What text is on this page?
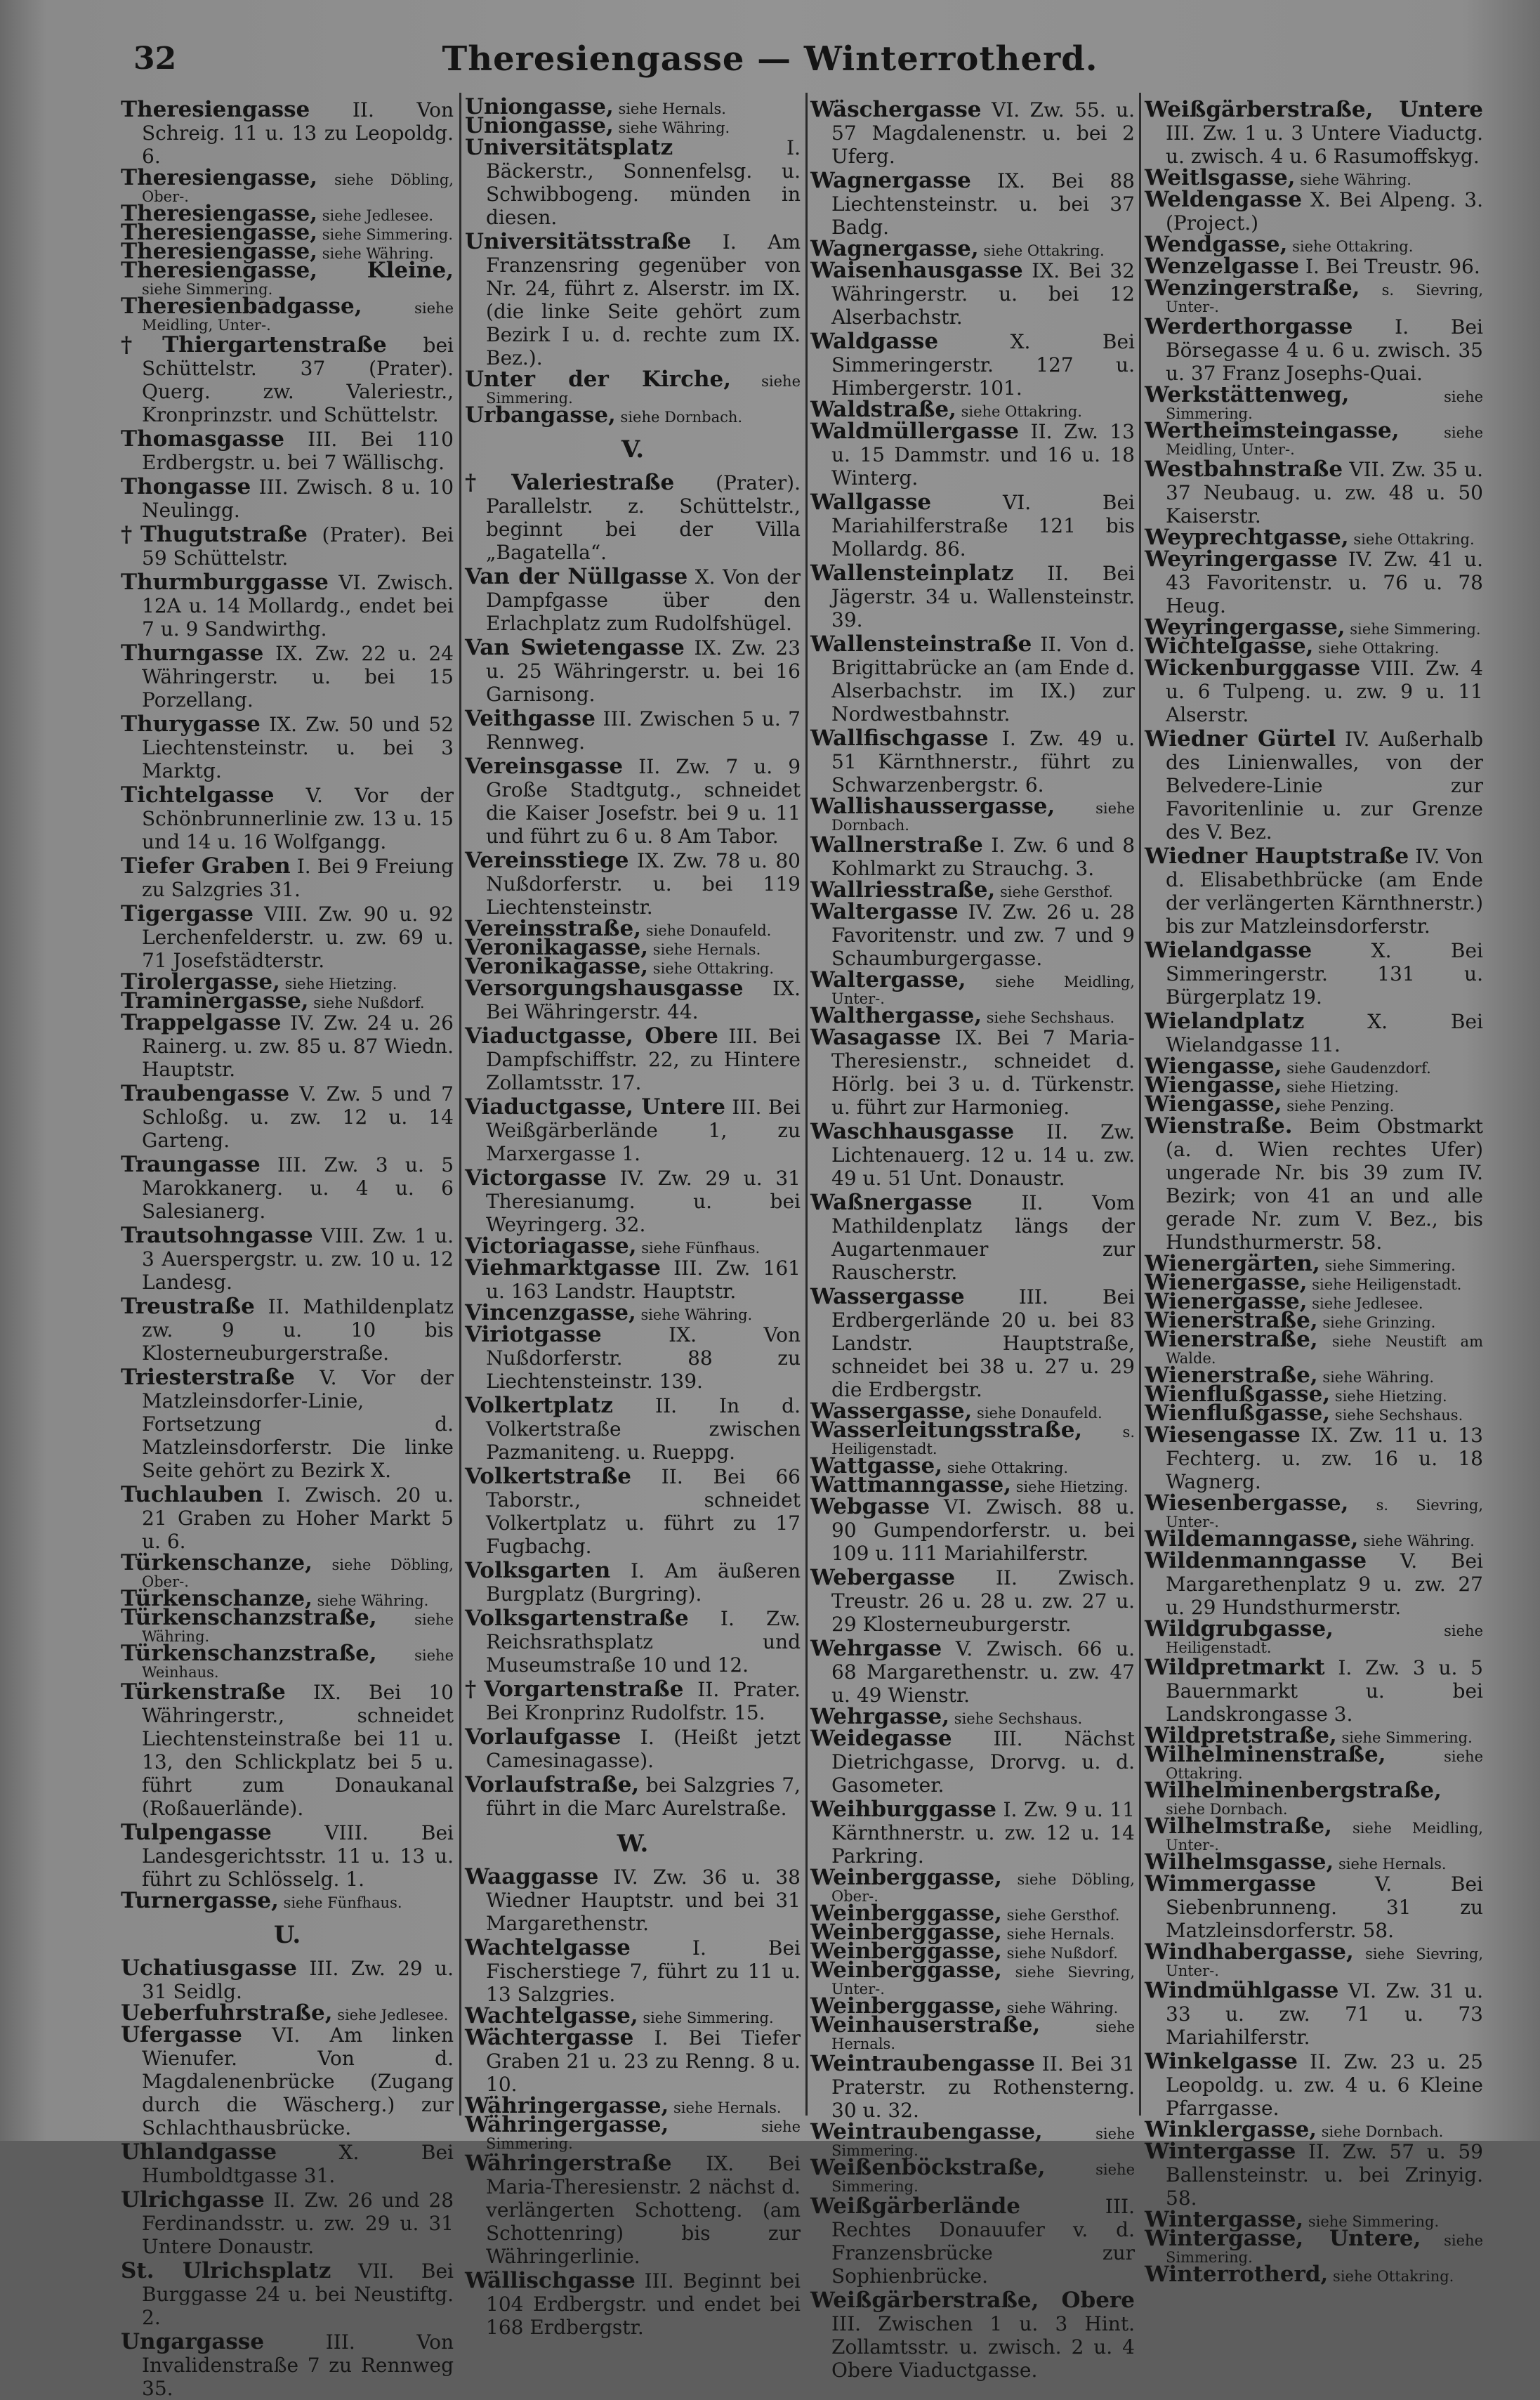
32	Theresiengasse — Winterrotherd.
Theresiengasse II. Von Schreig. 11 u. 13 zu Leopoldg. 6.
Theresiengasse, siehe Döbling, Ober-.
Theresiengasse, siehe Jedlesee.
Theresiengasse, siehe Simmering.
Theresiengasse, siehe Währing.
Theresiengasse, Kleine, siehe Simmering.
Theresienbadgasse,	siehe Meidling, Unter-.
†Thiergartenstraße bei Schüttelstr. 37 (Prater). Querg. zw. Valeriestr., Kronprinzstr. und Schüttelstr.
Thomasgasse III. Bei 110 Erdbergstr. u. bei 7 Wällischg.
Thongasse III. Zwisch. 8 u. 10 Neulingg.
†Thugutstraße (Prater). Bei 59 Schüttelstr.
Thurmburggasse VI. Zwisch. 12A u. 14 Mollardg., endet bei 7 u. 9 Sandwirthg.
Thurngasse IX. Zw. 22 u. 24 Währingerstr. u. bei 15 Porzellang.
Thurygasse IX. Zw. 50 und 52 Liechtensteinstr. u. bei 3 Marktg.
Tichtelgasse V. Vor der Schönbrunnerlinie zw. 13 u. 15 und 14 u. 16 Wolfgangg.
Tiefer Graben I. Bei 9 Freiung zu Salzgries 31.
Tigergasse VIII. Zw. 90 u. 92 Lerchenfelderstr. u. zw. 69 u. 71 Josefstädterstr.
Tirolergasse, siehe Hietzing.
Traminergasse, siehe Nußdorf.
Trappelgasse IV. Zw. 24 u. 26 Rainerg. u. zw. 85 u. 87 Wiedn. Hauptstr.
Traubengasse V. Zw. 5 und 7 Schloßg. u. zw. 12 u. 14 Garteng.
Traungasse III. Zw. 3 u. 5 Marokkanerg. u. 4 u. 6 Salesianerg.
Trautsohngasse VIII. Zw. 1 u. 3 Auerspergstr. u. zw. 10 u. 12 Landesg.
Treustraße II. Mathildenplatz zw. 9 u. 10 bis Klosterneuburgerstraße.
Triesterstraße V. Vor der Matzleinsdorfer-Linie, Fortsetzung d. Matzleinsdorferstr. Die linke Seite gehört zu Bezirk X.
Tuchlauben I. Zwisch. 20 u. 21 Graben zu Hoher Markt 5 u. 6.
Türkenschanze, siehe Döbling, Ober-.
Türkenschanze, siehe Währing.
Türkenschanzstraße,	siehe Währing.
Türkenschanzstraße,	siehe Weinhaus.
Türkenstraße IX. Bei 10 Währingerstr., schneidet Liechtensteinstraße bei 11 u. 13, den Schlickplatz bei 5 u. führt zum Donaukanal (Roßauerlände).
Tulpengasse	VIII. Bei Landesgerichtsstr. 11 u. 13 u. führt zu Schlösselg. 1.
Turnergasse, siehe Fünfhaus.
U.
Uchatiusgasse III. Zw. 29 u. 31 Seidlg.
Ueberfuhrstraße, siehe Jedlesee.
Ufergasse VI. Am linken Wienufer. Von d. Magdalenenbrücke (Zugang durch die Wäscherg.) zur Schlachthausbrücke.
Uhlandgasse	X. Bei Humboldtgasse 31.
Ulrichgasse II. Zw. 26 und 28 Ferdinandsstr. u. zw. 29 u. 31 Untere Donaustr.
St. Ulrichsplatz VII. Bei Burggasse 24 u. bei Neustiftg. 2.
Ungargasse	III. Von Invalidenstraße 7 zu Rennweg 35.
Uniongasse, siehe Hernals.
Uniongasse, siehe Währing.
Universitätsplatz	I. Bäckerstr., Sonnenfelsg. u. Schwibbogeng. münden in diesen.
Universitätsstraße I. Am Franzensring gegenüber von Nr. 24, führt z. Alserstr. im IX. (die linke Seite gehört zum Bezirk I u. d. rechte zum IX. Bez.).
Unter der Kirche, siehe Simmering.
Urbangasse, siehe Dornbach.
V.
†Valeriestraße (Prater). Parallelstr. z. Schüttelstr., beginnt bei der Villa „Bagatella“.
Van der Nüllgasse X. Von der Dampfgasse über den Erlachplatz zum Rudolfshügel.
Van Swietengasse IX. Zw. 23 u. 25 Währingerstr. u. bei 16 Garnisong.
Veithgasse III. Zwischen 5 u. 7 Rennweg.
Vereinsgasse II. Zw. 7 u. 9 Große Stadtgutg., schneidet die Kaiser Josefstr. bei 9 u. 11 und führt zu 6 u. 8 Am Tabor.
Vereinsstiege IX. Zw. 78 u. 80 Nußdorferstr. u. bei 119 Liechtensteinstr.
Vereinsstraße, siehe Donaufeld.
Veronikagasse, siehe Hernals.
Veronikagasse, siehe Ottakring.
Versorgungshausgasse IX. Bei Währingerstr. 44.
Viaductgasse, Obere III. Bei Dampfschiffstr. 22, zu Hintere Zollamtsstr. 17.
Viaductgasse, Untere III. Bei Weißgärberlände 1, zu Marxergasse 1.
Victorgasse IV. Zw. 29 u. 31 Theresianumg. u. bei Weyringerg. 32.
Victoriagasse, siehe Fünfhaus.
Viehmarktgasse III. Zw. 161 u. 163 Landstr. Hauptstr.
Vincenzgasse, siehe Währing.
Viriotgasse	IX. Von Nußdorferstr. 88 zu Liechtensteinstr. 139.
Volkertplatz II. In d. Volkertstraße zwischen Pazmaniteng. u. Rueppg.
Volkertstraße II. Bei 66 Taborstr., schneidet Volkertplatz u. führt zu 17 Fugbachg.
Volksgarten I. Am äußeren Burgplatz (Burgring).
Volksgartenstraße I. Zw. Reichsrathsplatz und Museumstraße 10 und 12.
†Vorgartenstraße II. Prater. Bei Kronprinz Rudolfstr. 15.
Vorlaufgasse I. (Heißt jetzt Camesinagasse).
Vorlaufstraße, bei Salzgries 7, führt in die Marc Aurelstraße.
W.
Waaggasse IV. Zw. 36 u. 38 Wiedner Hauptstr. und bei 31 Margarethenstr.
Wachtelgasse	I. Bei Fischerstiege 7, führt zu 11 u. 13 Salzgries.
Wachtelgasse, siehe Simmering.
Wächtergasse I. Bei Tiefer Graben 21 u. 23 zu Renng. 8 u. 10.
Währingergasse, siehe Hernals.
Währingergasse,	siehe Simmering.
Währingerstraße IX. Bei Maria-Theresienstr. 2 nächst d. verlängerten Schotteng. (am Schottenring) bis zur Währingerlinie.
Wällischgasse III. Beginnt bei 104 Erdbergstr. und endet bei 168 Erdbergstr.
Wäschergasse VI. Zw. 55. u. 57 Magdalenenstr. u. bei 2 Uferg.
Wagnergasse IX. Bei 88 Liechtensteinstr. u. bei 37 Badg.
Wagnergasse, siehe Ottakring.
Waisenhausgasse IX. Bei 32 Währingerstr. u. bei 12 Alserbachstr.
Waldgasse	X. Bei Simmeringerstr. 127 u. Himbergerstr. 101.
Waldstraße, siehe Ottakring.
Waldmüllergasse II. Zw. 13 u. 15 Dammstr. und 16 u. 18 Winterg.
Wallgasse	VI. Bei Mariahilferstraße 121 bis Mollardg. 86.
Wallensteinplatz II. Bei Jägerstr. 34 u. Wallensteinstr. 39.
Wallensteinstraße II. Von d. Brigittabrücke an (am Ende d. Alserbachstr. im IX.) zur Nordwestbahnstr.
Wallfischgasse I. Zw. 49 u. 51 Kärnthnerstr., führt zu Schwarzenbergstr. 6.
Wallishaussergasse,	siehe Dornbach.
Wallnerstraße I. Zw. 6 und 8 Kohlmarkt zu Strauchg. 3.
Wallriesstraße, siehe Gersthof.
Waltergasse IV. Zw. 26 u. 28 Favoritenstr. und zw. 7 und 9 Schaumburgergasse.
Waltergasse, siehe Meidling, Unter-.
Walthergasse, siehe Sechshaus.
Wasagasse IX. Bei 7 Maria-Theresienstr., schneidet d. Hörlg. bei 3 u. d. Türkenstr. u. führt zur Harmonieg.
Waschhausgasse II. Zw. Lichtenauerg. 12 u. 14 u. zw. 49 u. 51 Unt. Donaustr.
Waßnergasse II. Vom Mathildenplatz längs der Augartenmauer zur Rauscherstr.
Wassergasse	III. Bei Erdbergerlände 20 u. bei 83 Landstr. Hauptstraße, schneidet bei 38 u. 27 u. 29 die Erdbergstr.
Wassergasse, siehe Donaufeld.
Wasserleitungsstraße,	s. Heiligenstadt.
Wattgasse, siehe Ottakring.
Wattmanngasse, siehe Hietzing.
Webgasse VI. Zwisch. 88 u. 90 Gumpendorferstr. u. bei 109 u. 111 Mariahilferstr.
Webergasse II. Zwisch. Treustr. 26 u. 28 u. zw. 27 u. 29 Klosterneuburgerstr.
Wehrgasse V. Zwisch. 66 u. 68 Margarethenstr. u. zw. 47 u. 49 Wienstr.
Wehrgasse, siehe Sechshaus.
Weidegasse III. Nächst Dietrichgasse, Drorvg. u. d. Gasometer.
Weihburggasse I. Zw. 9 u. 11 Kärnthnerstr. u. zw. 12 u. 14 Parkring.
Weinberggasse, siehe Döbling, Ober-.
Weinberggasse, siehe Gersthof.
Weinberggasse, siehe Hernals.
Weinberggasse, siehe Nußdorf.
Weinberggasse, siehe Sievring, Unter-.
Weinberggasse, siehe Währing.
Weinhauserstraße,	siehe Hernals.
Weintraubengasse II. Bei 31 Praterstr. zu Rothensterng. 30 u. 32.
Weintraubengasse,	siehe Simmering.
Weißenböckstraße,	siehe Simmering.
Weißgärberlände	III. Rechtes Donauufer v. d. Franzensbrücke zur Sophienbrücke.
Weißgärberstraße, Obere III. Zwischen 1 u. 3 Hint. Zollamtsstr. u. zwisch. 2 u. 4 Obere Viaductgasse.
Weißgärberstraße, Untere III. Zw. 1 u. 3 Untere Viaductg. u. zwisch. 4 u. 6 Rasumoffskyg.
Weitlsgasse, siehe Währing.
Weldengasse X. Bei Alpeng. 3. (Project.)
Wendgasse, siehe Ottakring.
Wenzelgasse I. Bei Treustr. 96.
Wenzingerstraße, s. Sievring, Unter-.
Werderthorgasse I. Bei Börsegasse 4 u. 6 u. zwisch. 35 u. 37 Franz Josephs-Quai.
Werkstättenweg,	siehe Simmering.
Wertheimsteingasse,	siehe Meidling, Unter-.
Westbahnstraße VII. Zw. 35 u. 37 Neubaug. u. zw. 48 u. 50 Kaiserstr.
Weyprechtgasse, siehe Ottakring.
Weyringergasse IV. Zw. 41 u. 43 Favoritenstr. u. 76 u. 78 Heug.
Weyringergasse, siehe Simmering.
Wichtelgasse, siehe Ottakring.
Wickenburggasse VIII. Zw. 4 u. 6 Tulpeng. u. zw. 9 u. 11 Alserstr.
Wiedner Gürtel IV. Außerhalb des Linienwalles, von der Belvedere-Linie zur Favoritenlinie u. zur Grenze des V. Bez.
Wiedner Hauptstraße IV. Von d. Elisabethbrücke (am Ende der verlängerten Kärnthnerstr.) bis zur Matzleinsdorferstr.
Wielandgasse	X. Bei Simmeringerstr. 131 u. Bürgerplatz 19.
Wielandplatz	X. Bei Wielandgasse 11.
Wiengasse, siehe Gaudenzdorf.
Wiengasse, siehe Hietzing.
Wiengasse, siehe Penzing.
Wienstraße. Beim Obstmarkt (a. d. Wien rechtes Ufer) ungerade Nr. bis 39 zum IV. Bezirk; von 41 an und alle gerade Nr. zum V. Bez., bis Hundsthurmerstr. 58.
Wienergärten, siehe Simmering.
Wienergasse, siehe Heiligenstadt.
Wienergasse, siehe Jedlesee.
Wienerstraße, siehe Grinzing.
Wienerstraße, siehe Neustift am Walde.
Wienerstraße, siehe Währing.
Wienflußgasse, siehe Hietzing.
Wienflußgasse, siehe Sechshaus.
Wiesengasse IX. Zw. 11 u. 13 Fechterg. u. zw. 16 u. 18 Wagnerg.
Wiesenbergasse, s. Sievring, Unter-.
Wildemanngasse, siehe Währing.
Wildenmanngasse V. Bei Margarethenplatz 9 u. zw. 27 u. 29 Hundsthurmerstr.
Wildgrubgasse,	siehe Heiligenstadt.
Wildpretmarkt I. Zw. 3 u. 5 Bauernmarkt u. bei Landskrongasse 3.
Wildpretstraße, siehe Simmering.
Wilhelminenstraße,	siehe Ottakring.
Wilhelminenbergstraße, siehe Dornbach.
Wilhelmstraße, siehe Meidling, Unter-.
Wilhelmsgasse, siehe Hernals.
Wimmergasse	V. Bei Siebenbrunneng. 31 zu Matzleinsdorferstr. 58.
Windhabergasse, siehe Sievring, Unter-.
Windmühlgasse VI. Zw. 31 u. 33 u. zw. 71 u. 73 Mariahilferstr.
Winkelgasse II. Zw. 23 u. 25 Leopoldg. u. zw. 4 u. 6 Kleine Pfarrgasse.
Winklergasse, siehe Dornbach.
Wintergasse II. Zw. 57 u. 59 Ballensteinstr. u. bei Zrinyig. 58.
Wintergasse, siehe Simmering.
Wintergasse, Untere, siehe Simmering.
Winterrotherd, siehe Ottakring.
